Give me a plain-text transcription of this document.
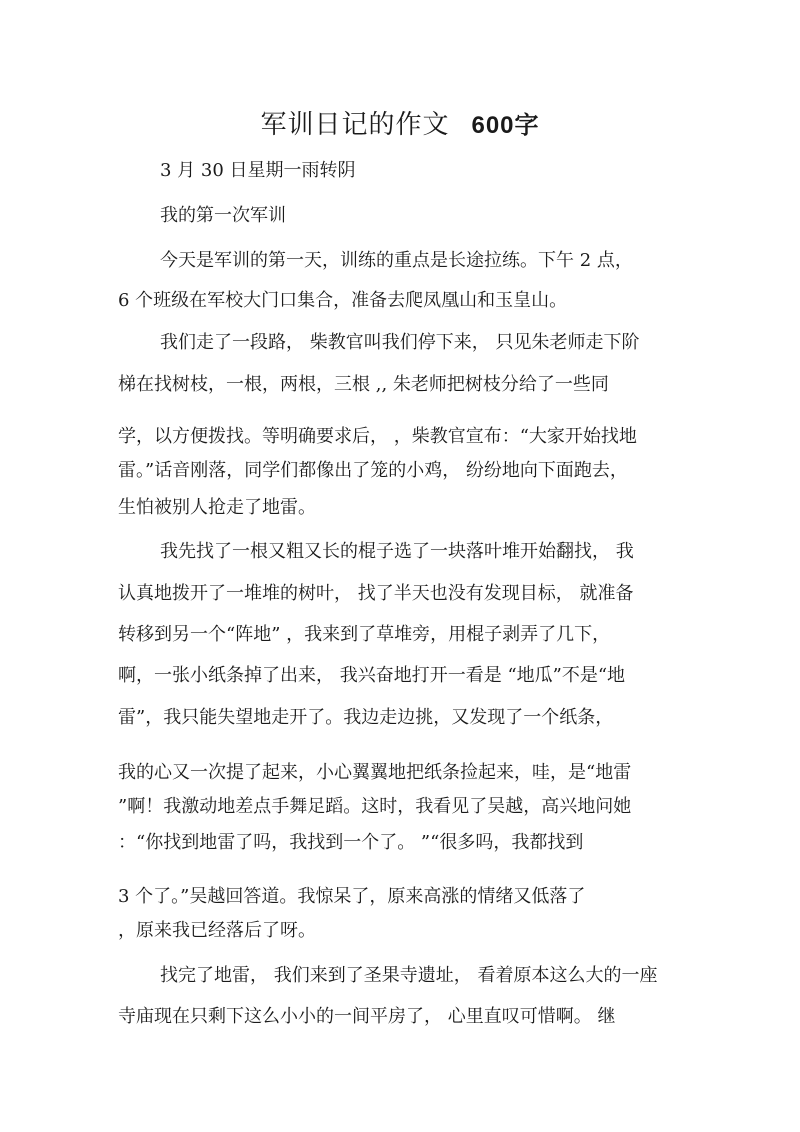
军训日记的作文 600字
3 月 30 日星期一雨转阴
我的第一次军训
今天是军训的第一天，训练的重点是长途拉练。下午 2 点，
6 个班级在军校大门口集合，准备去爬凤凰山和玉皇山。
我们走了一段路， 柴教官叫我们停下来， 只见朱老师走下阶
梯在找树枝，一根，两根，三根 ,, 朱老师把树枝分给了一些同
学，以方便拨找。等明确要求后， ，柴教官宣布：“大家开始找地
雷。”话音刚落，同学们都像出了笼的小鸡， 纷纷地向下面跑去，
生怕被别人抢走了地雷。
我先找了一根又粗又长的棍子选了一块落叶堆开始翻找， 我
认真地拨开了一堆堆的树叶， 找了半天也没有发现目标， 就准备
转移到另一个“阵地” ，我来到了草堆旁，用棍子剥弄了几下，
啊，一张小纸条掉了出来， 我兴奋地打开一看是 “地瓜”不是“地
雷”，我只能失望地走开了。我边走边挑，又发现了一个纸条，
我的心又一次提了起来，小心翼翼地把纸条捡起来，哇，是“地雷
”啊！我激动地差点手舞足蹈。这时，我看见了吴越，高兴地问她
：“你找到地雷了吗，我找到一个了。 ”“很多吗，我都找到
3 个了。”吴越回答道。我惊呆了，原来高涨的情绪又低落了
，原来我已经落后了呀。
找完了地雷， 我们来到了圣果寺遗址， 看着原本这么大的一座
寺庙现在只剩下这么小小的一间平房了， 心里直叹可惜啊。 继
